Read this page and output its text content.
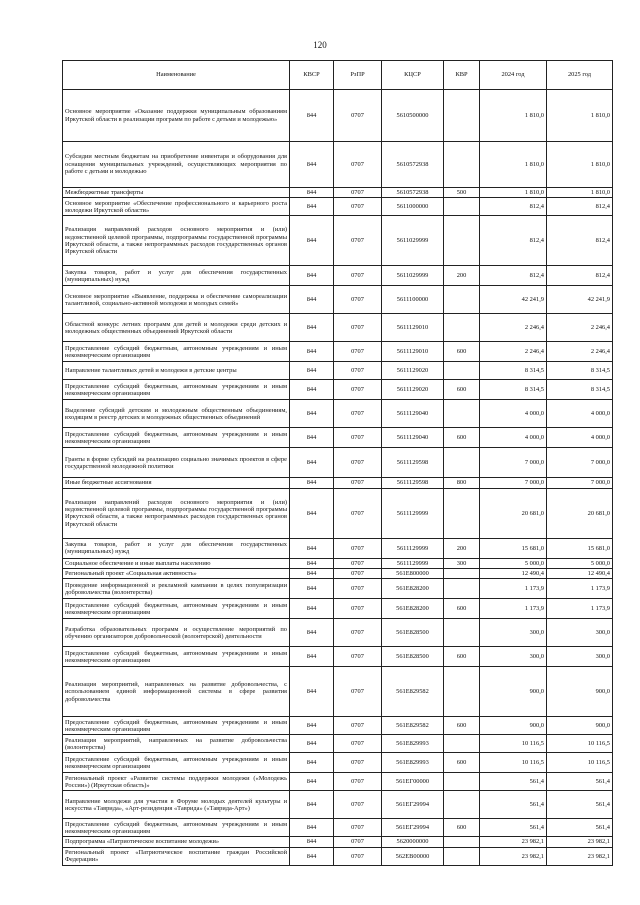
120
Наименование	КВСР	РзПР	КЦСР	КВР	2024 год	2025 год
Основное мероприятие «Оказание поддержки муниципальным образованиям Иркутской области в реализации программ по работе с детьми и молодежью»	844	0707	5610500000		1 810,0	1 810,0
Субсидии местным бюджетам на приобретение инвентаря и оборудования для оснащения муниципальных учреждений, осуществляющих мероприятия по работе с детьми и молодежью	844	0707	5610572938		1 810,0	1 810,0
Межбюджетные трансферты	844	0707	5610572938	500	1 810,0	1 810,0
Основное мероприятие «Обеспечение профессионального и карьерного роста молодежи Иркутской области»	844	0707	5611000000		812,4	812,4
Реализация направлений расходов основного мероприятия и (или) ведомственной целевой программы, подпрограммы государственной программы Иркутской области, а также непрограммных расходов государственных органов Иркутской области	844	0707	5611029999		812,4	812,4
Закупка товаров, работ и услуг для обеспечения государственных (муниципальных) нужд	844	0707	5611029999	200	812,4	812,4
Основное мероприятие «Выявление, поддержка и обеспечение самореализации талантливой, социально-активной молодежи и молодых семей»	844	0707	5611100000		42 241,9	42 241,9
Областной конкурс летних программ для детей и молодежи среди детских и молодежных общественных объединений Иркутской области	844	0707	5611129010		2 246,4	2 246,4
Предоставление субсидий бюджетным, автономным учреждениям и иным некоммерческим организациям	844	0707	5611129010	600	2 246,4	2 246,4
Направление талантливых детей и молодежи в детские центры	844	0707	5611129020		8 314,5	8 314,5
Предоставление субсидий бюджетным, автономным учреждениям и иным некоммерческим организациям	844	0707	5611129020	600	8 314,5	8 314,5
Выделение субсидий детским и молодежным общественным объединениям, входящим в реестр детских и молодежных общественных объединений	844	0707	5611129040		4 000,0	4 000,0
Предоставление субсидий бюджетным, автономным учреждениям и иным некоммерческим организациям	844	0707	5611129040	600	4 000,0	4 000,0
Гранты в форме субсидий на реализацию социально значимых проектов в сфере государственной молодежной политики	844	0707	5611129598		7 000,0	7 000,0
Иные бюджетные ассигнования	844	0707	5611129598	800	7 000,0	7 000,0
Реализация направлений расходов основного мероприятия и (или) ведомственной целевой программы, подпрограммы государственной программы Иркутской области, а также непрограммных расходов государственных органов Иркутской области	844	0707	5611129999		20 681,0	20 681,0
Закупка товаров, работ и услуг для обеспечения государственных (муниципальных) нужд	844	0707	5611129999	200	15 681,0	15 681,0
Социальное обеспечение и иные выплаты населению	844	0707	5611129999	300	5 000,0	5 000,0
Региональный проект «Социальная активность»	844	0707	561E800000		12 490,4	12 490,4
Проведение информационной и рекламной кампании в целях популяризации добровольчества (волонтерства)	844	0707	561E828200		1 173,9	1 173,9
Предоставление субсидий бюджетным, автономным учреждениям и иным некоммерческим организациям	844	0707	561E828200	600	1 173,9	1 173,9
Разработка образовательных программ и осуществление мероприятий по обучению организаторов добровольческой (волонтерской) деятельности	844	0707	561E828500		300,0	300,0
Предоставление субсидий бюджетным, автономным учреждениям и иным некоммерческим организациям	844	0707	561E828500	600	300,0	300,0
Реализация мероприятий, направленных на развитие добровольчества, с использованием единой информационной системы в сфере развития добровольчества	844	0707	561E829582		900,0	900,0
Предоставление субсидий бюджетным, автономным учреждениям и иным некоммерческим организациям	844	0707	561E829582	600	900,0	900,0
Реализация мероприятий, направленных на развитие добровольчества (волонтерства)	844	0707	561E829993		10 116,5	10 116,5
Предоставление субсидий бюджетным, автономным учреждениям и иным некоммерческим организациям	844	0707	561E829993	600	10 116,5	10 116,5
Региональный проект «Развитие системы поддержки молодежи («Молодежь России») (Иркутская область)»	844	0707	561EГ00000		561,4	561,4
Направление молодежи для участия в Форуме молодых деятелей культуры и искусства «Таврида», «Арт-резиденция «Таврида» («Таврида-Арт»)	844	0707	561EГ29994		561,4	561,4
Предоставление субсидий бюджетным, автономным учреждениям и иным некоммерческим организациям	844	0707	561EГ29994	600	561,4	561,4
Подпрограмма «Патриотическое воспитание молодежи»	844	0707	5620000000		23 982,1	23 982,1
Региональный проект «Патриотическое воспитание граждан Российской Федерации»	844	0707	562EB00000		23 982,1	23 982,1
